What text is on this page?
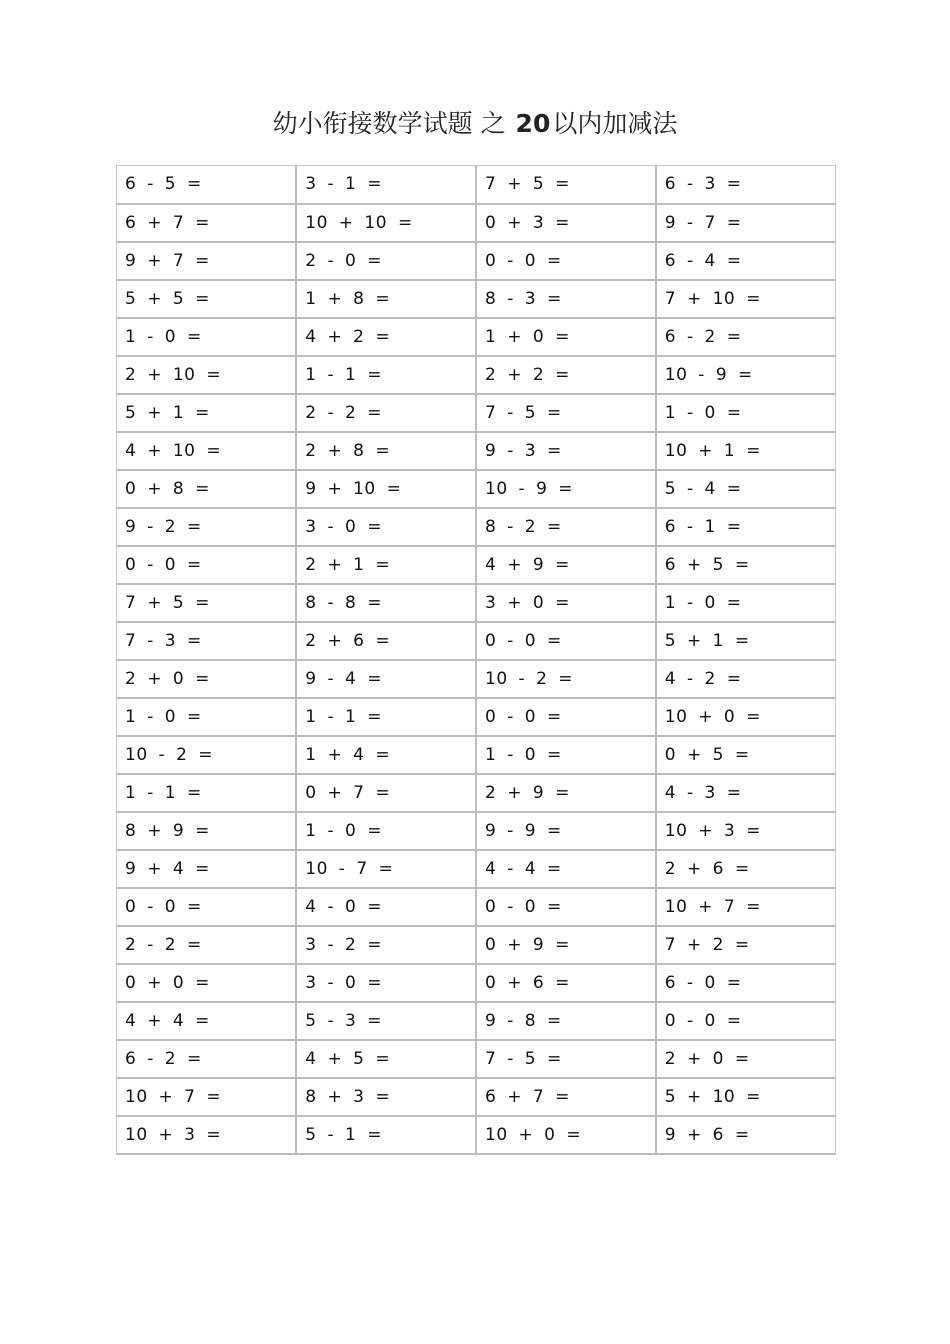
幼小衔接数学试题 之 20以内加减法
6 - 5 =	3 - 1 =	7 + 5 =	6 - 3 =
6 + 7 =	10 + 10 =	0 + 3 =	9 - 7 =
9 + 7 =	2 - 0 =	0 - 0 =	6 - 4 =
5 + 5 =	1 + 8 =	8 - 3 =	7 + 10 =
1 - 0 =	4 + 2 =	1 + 0 =	6 - 2 =
2 + 10 =	1 - 1 =	2 + 2 =	10 - 9 =
5 + 1 =	2 - 2 =	7 - 5 =	1 - 0 =
4 + 10 =	2 + 8 =	9 - 3 =	10 + 1 =
0 + 8 =	9 + 10 =	10 - 9 =	5 - 4 =
9 - 2 =	3 - 0 =	8 - 2 =	6 - 1 =
0 - 0 =	2 + 1 =	4 + 9 =	6 + 5 =
7 + 5 =	8 - 8 =	3 + 0 =	1 - 0 =
7 - 3 =	2 + 6 =	0 - 0 =	5 + 1 =
2 + 0 =	9 - 4 =	10 - 2 =	4 - 2 =
1 - 0 =	1 - 1 =	0 - 0 =	10 + 0 =
10 - 2 =	1 + 4 =	1 - 0 =	0 + 5 =
1 - 1 =	0 + 7 =	2 + 9 =	4 - 3 =
8 + 9 =	1 - 0 =	9 - 9 =	10 + 3 =
9 + 4 =	10 - 7 =	4 - 4 =	2 + 6 =
0 - 0 =	4 - 0 =	0 - 0 =	10 + 7 =
2 - 2 =	3 - 2 =	0 + 9 =	7 + 2 =
0 + 0 =	3 - 0 =	0 + 6 =	6 - 0 =
4 + 4 =	5 - 3 =	9 - 8 =	0 - 0 =
6 - 2 =	4 + 5 =	7 - 5 =	2 + 0 =
10 + 7 =	8 + 3 =	6 + 7 =	5 + 10 =
10 + 3 =	5 - 1 =	10 + 0 =	9 + 6 =
